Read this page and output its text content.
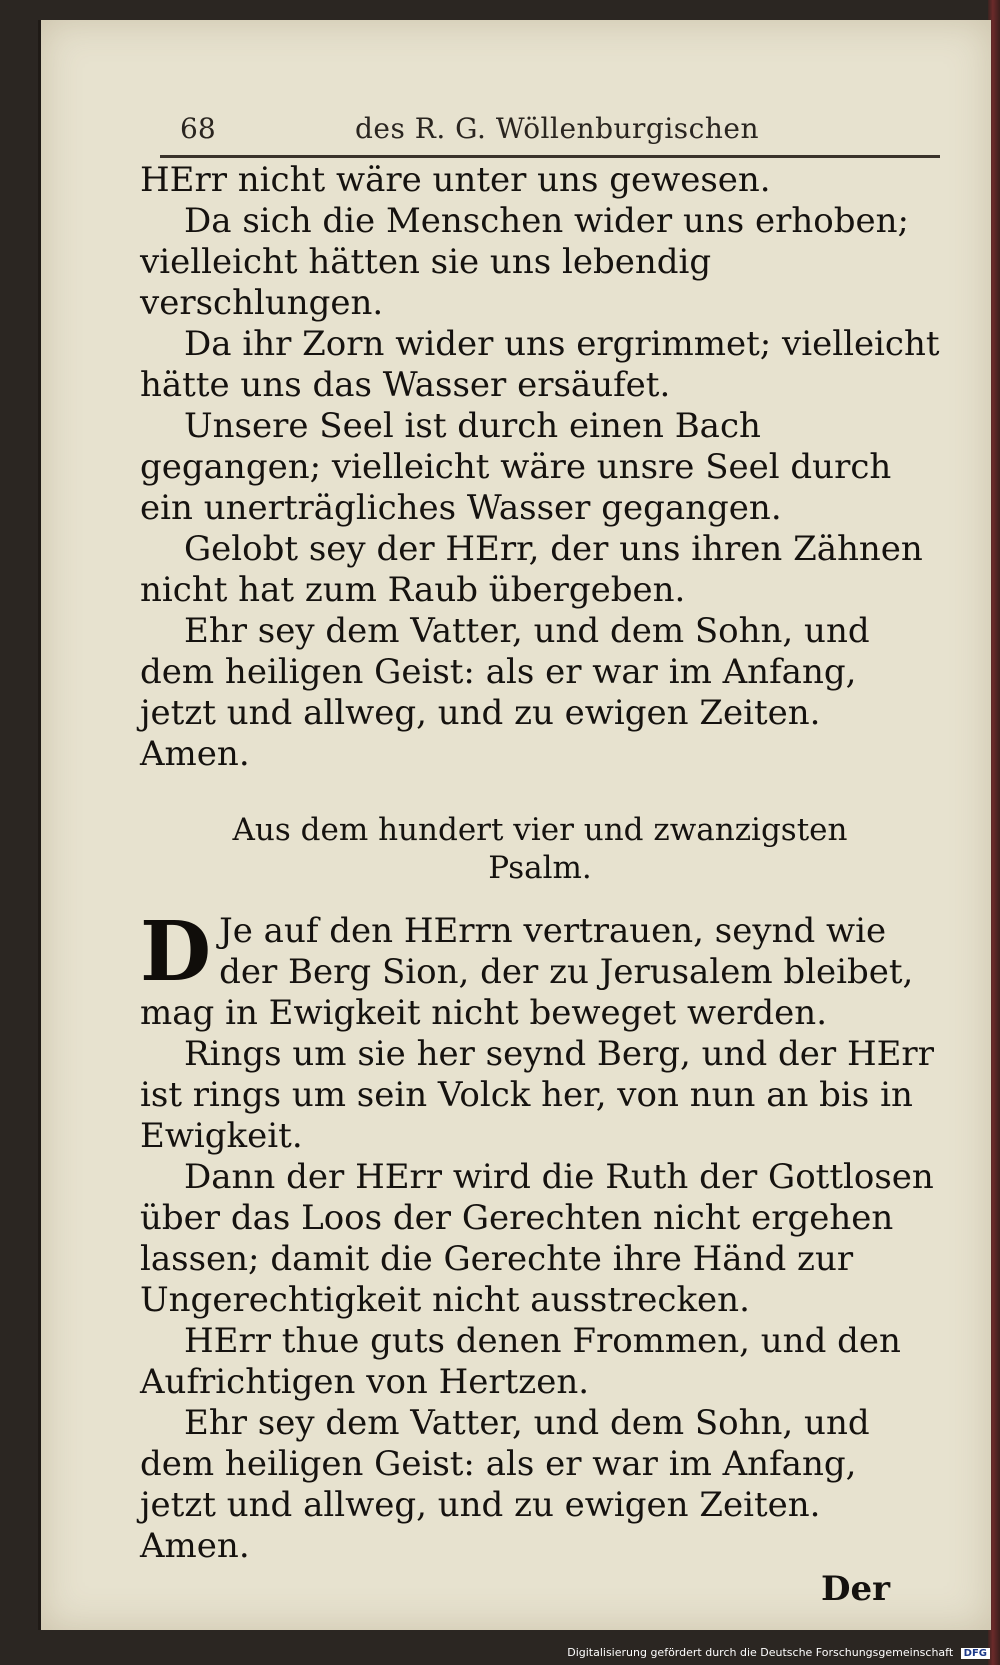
68	des R. G. Wöllenburgischen

HErr nicht wäre unter uns gewesen.

Da sich die Menschen wider uns erhoben; vielleicht hätten sie uns lebendig verschlungen.

Da ihr Zorn wider uns ergrimmet; vielleicht hätte uns das Wasser ersäufet.

Unsere Seel ist durch einen Bach gegangen; vielleicht wäre unsre Seel durch ein unerträgliches Wasser gegangen.

Gelobt sey der HErr, der uns ihren Zähnen nicht hat zum Raub übergeben.

Ehr sey dem Vatter, und dem Sohn, und dem heiligen Geist: als er war im Anfang, jetzt und allweg, und zu ewigen Zeiten. Amen.

Aus dem hundert vier und zwanzigsten

Psalm.

D Je auf den HErrn vertrauen, seynd wie der Berg Sion, der zu Jerusalem bleibet, mag in Ewigkeit nicht beweget werden.

Rings um sie her seynd Berg, und der HErr ist rings um sein Volck her, von nun an bis in Ewigkeit.

Dann der HErr wird die Ruth der Gottlosen über das Loos der Gerechten nicht ergehen lassen; damit die Gerechte ihre Händ zur Ungerechtigkeit nicht ausstrecken.

HErr thue guts denen Frommen, und den Aufrichtigen von Hertzen.

Ehr sey dem Vatter, und dem Sohn, und dem heiligen Geist: als er war im Anfang, jetzt und allweg, und zu ewigen Zeiten. Amen.

Der

Digitalisierung gefördert durch die Deutsche Forschungsgemeinschaft DFG
